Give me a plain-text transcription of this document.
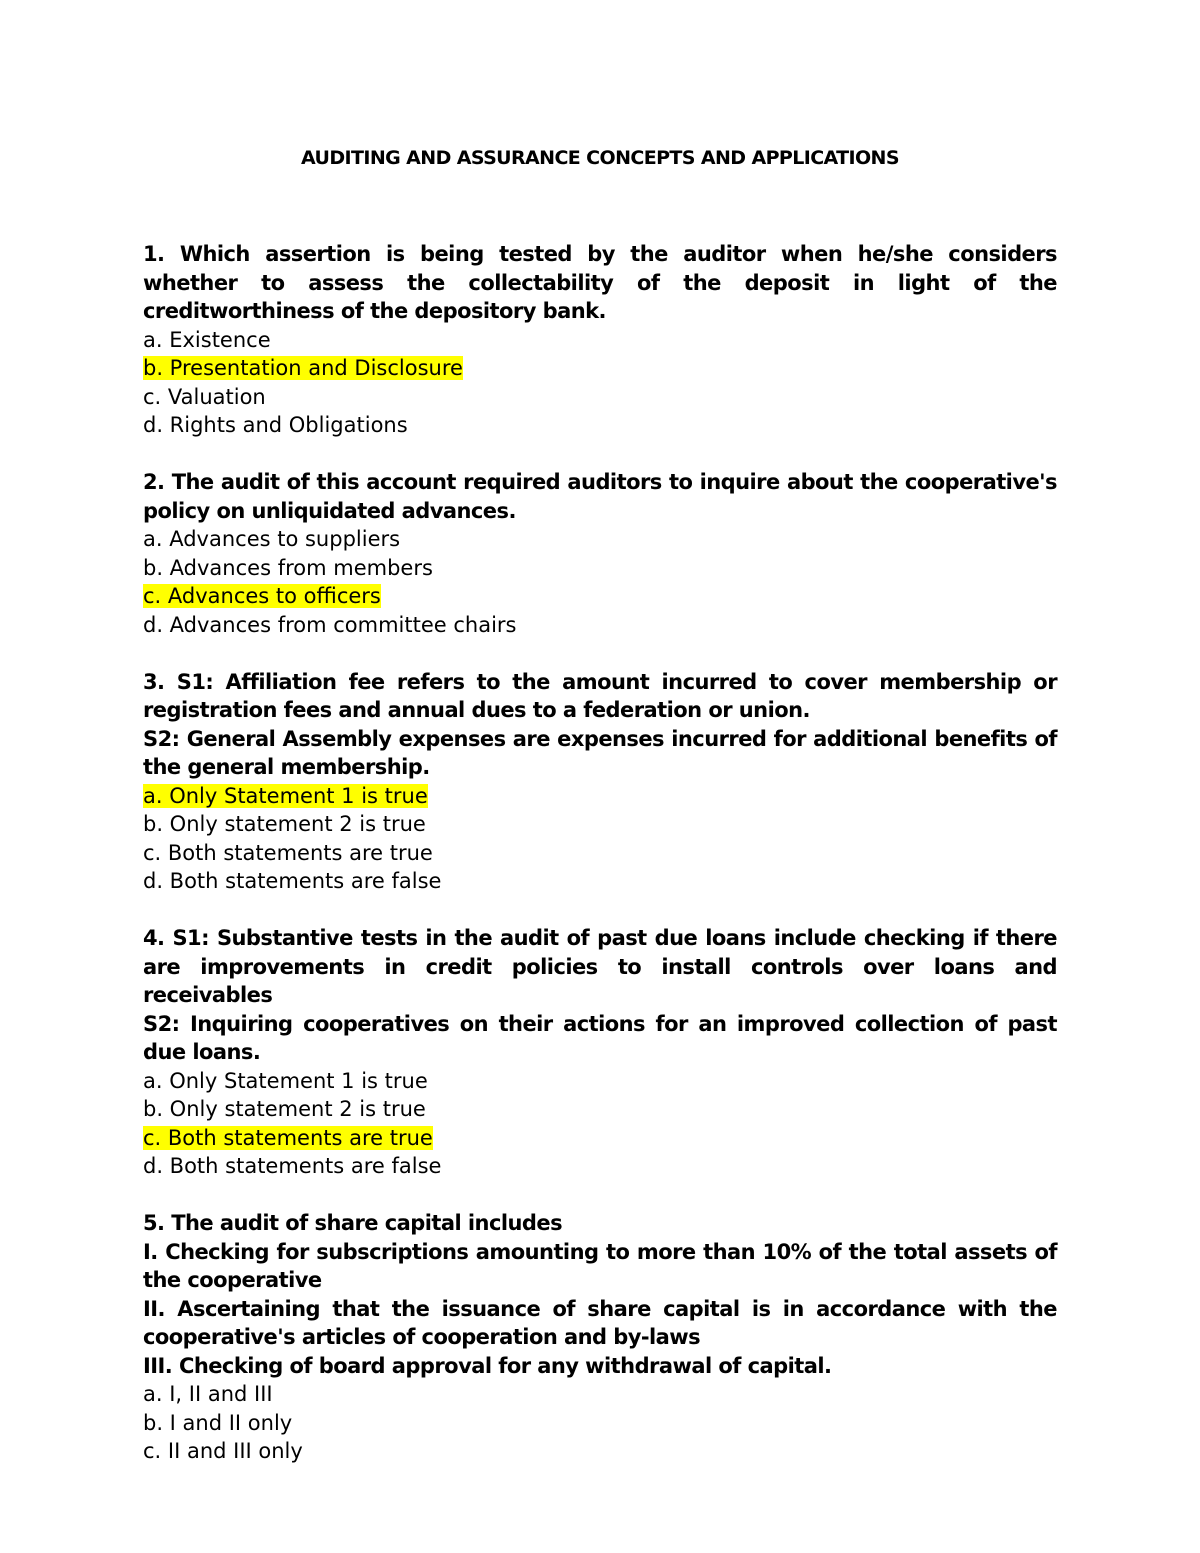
AUDITING AND ASSURANCE CONCEPTS AND APPLICATIONS

1. Which assertion is being tested by the auditor when he/she considers whether to assess the collectability of the deposit in light of the creditworthiness of the depository bank.

a. Existence

b. Presentation and Disclosure

c. Valuation

d. Rights and Obligations

2. The audit of this account required auditors to inquire about the cooperative's policy on unliquidated advances.

a. Advances to suppliers

b. Advances from members

c. Advances to officers

d. Advances from committee chairs

3. S1: Affiliation fee refers to the amount incurred to cover membership or registration fees and annual dues to a federation or union.

S2: General Assembly expenses are expenses incurred for additional benefits of the general membership.

a. Only Statement 1 is true

b. Only statement 2 is true

c. Both statements are true

d. Both statements are false

4. S1: Substantive tests in the audit of past due loans include checking if there are improvements in credit policies to install controls over loans and receivables

S2: Inquiring cooperatives on their actions for an improved collection of past due loans.

a. Only Statement 1 is true

b. Only statement 2 is true

c. Both statements are true

d. Both statements are false

5. The audit of share capital includes

I. Checking for subscriptions amounting to more than 10% of the total assets of the cooperative

II. Ascertaining that the issuance of share capital is in accordance with the cooperative's articles of cooperation and by-laws

III. Checking of board approval for any withdrawal of capital.

a. I, II and III

b. I and II only

c. II and III only
